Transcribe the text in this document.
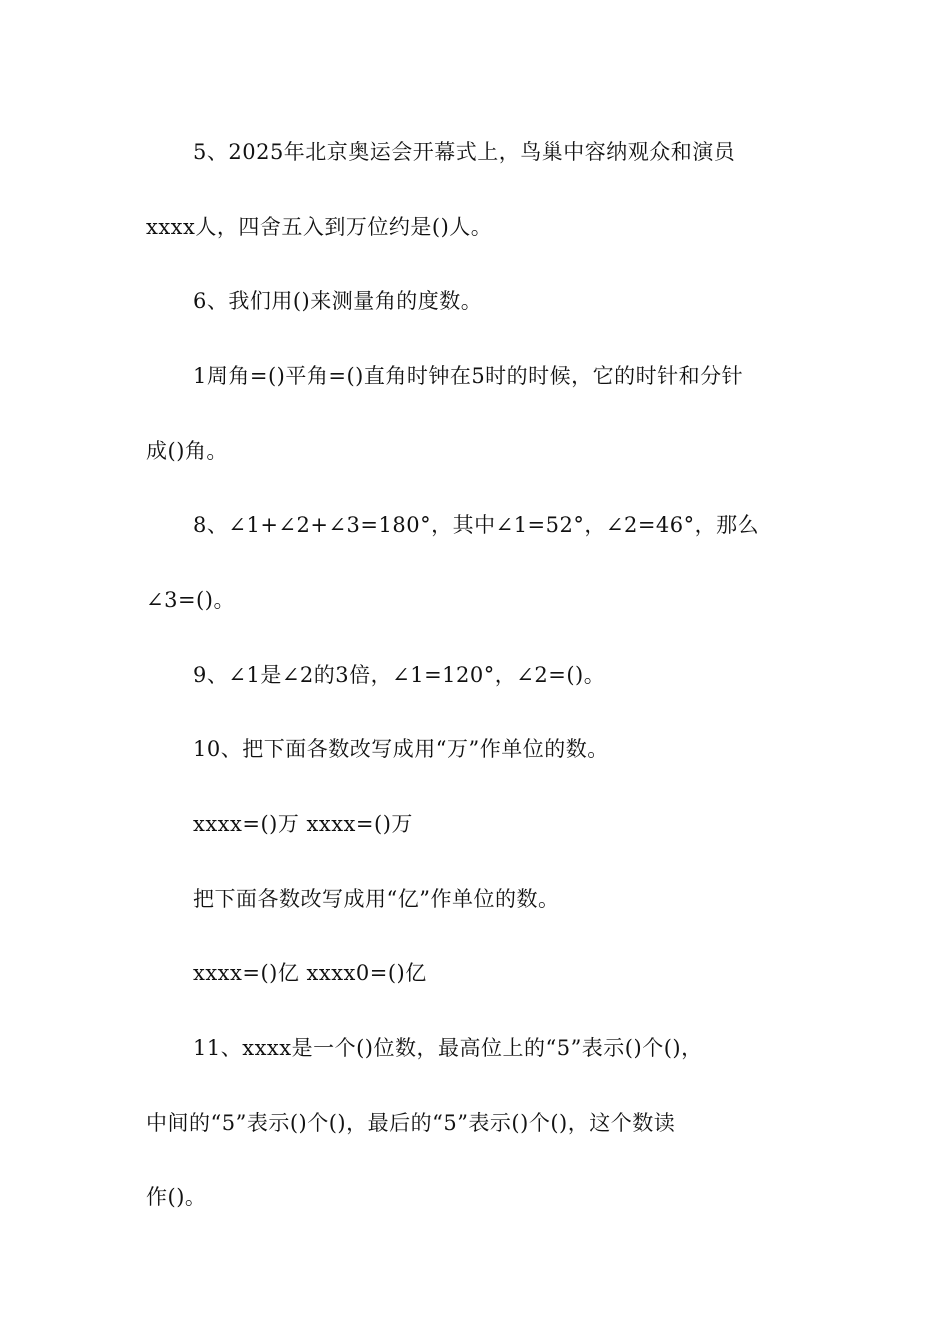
5、2025年北京奥运会开幕式上，鸟巢中容纳观众和演员
xxxx人，四舍五入到万位约是()人。
6、我们用()来测量角的度数。
1周角=()平角=()直角时钟在5时的时候，它的时针和分针
成()角。
8、∠1+∠2+∠3=180°，其中∠1=52°，∠2=46°，那么
∠3=()。
9、∠1是∠2的3倍，∠1=120°，∠2=()。
10、把下面各数改写成用“万”作单位的数。
xxxx=()万 xxxx=()万
把下面各数改写成用“亿”作单位的数。
xxxx=()亿 xxxx0=()亿
11、xxxx是一个()位数，最高位上的“5”表示()个()，
中间的“5”表示()个()，最后的“5”表示()个()，这个数读
作()。
